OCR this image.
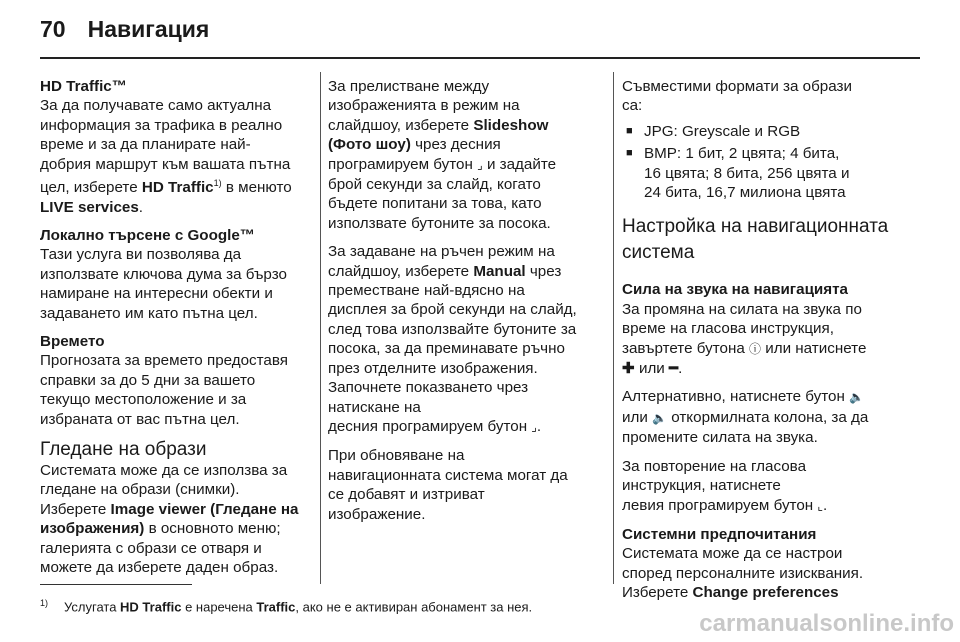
70 Навигация

HD Traffic™

За да получавате само актуална

информация за трафика в реално

време и за да планирате най-

добрия маршрут към вашата пътна

цел, изберете HD Traffic$^{1)}$ в менюто

LIVE services.

Локално търсене с Google™

Тази услуга ви позволява да

използвате ключова дума за бързо

намиране на интересни обекти и

задаването им като пътна цел.

Времето

Прогнозата за времето предоставя

справки за до 5 дни за вашето

текущо местоположение и за

избраната от вас пътна цел.

Гледане на образи

Системата може да се използва за

гледане на образи (снимки).

Изберете Image viewer (Гледане на

изображения) в основното меню;

галерията с образи се отваря и

можете да изберете даден образ.

За прелистване между

изображенията в режим на

слайдшоу, изберете Slideshow

(Фото шоу) чрез десния

програмируем бутон ⌟ и задайте

брой секунди за слайд, когато

бъдете попитани за това, като

използвате бутоните за посока.

За задаване на ръчен режим на

слайдшоу, изберете Manual чрез

преместване най-вдясно на

дисплея за брой секунди на слайд,

след това използвайте бутоните за

посока, за да преминавате ръчно

през отделните изображения.

Започнете показването чрез

натискане на

десния програмируем бутон ⌟.

При обновяване на

навигационната система могат да

се добавят и изтриват

изображение.

Съвместими формати за образи

са:

■ JPG: Greyscale и RGB
■ BMP: 1 бит, 2 цвята; 4 бита,
16 цвята; 8 бита, 256 цвята и
24 бита, 16,7 милиона цвята

Настройка на навигационната
система

Сила на звука на навигацията

За промяна на силата на звука по

време на гласова инструкция,

завъртете бутона ⓘ или натиснете

✚ или ━.

Алтернативно, натиснете бутон 🔈

или 🔈 откормилната колона, за да

промените силата на звука.

За повторение на гласова

инструкция, натиснете

левия програмируем бутон ⌞.

Системни предпочитания

Системата може да се настрои

според персоналните изисквания.

Изберете Change preferences

$^{1)}$ Услугата HD Traffic е наречена Traffic, ако не е активиран абонамент за нея.
carmanualsonline.info
